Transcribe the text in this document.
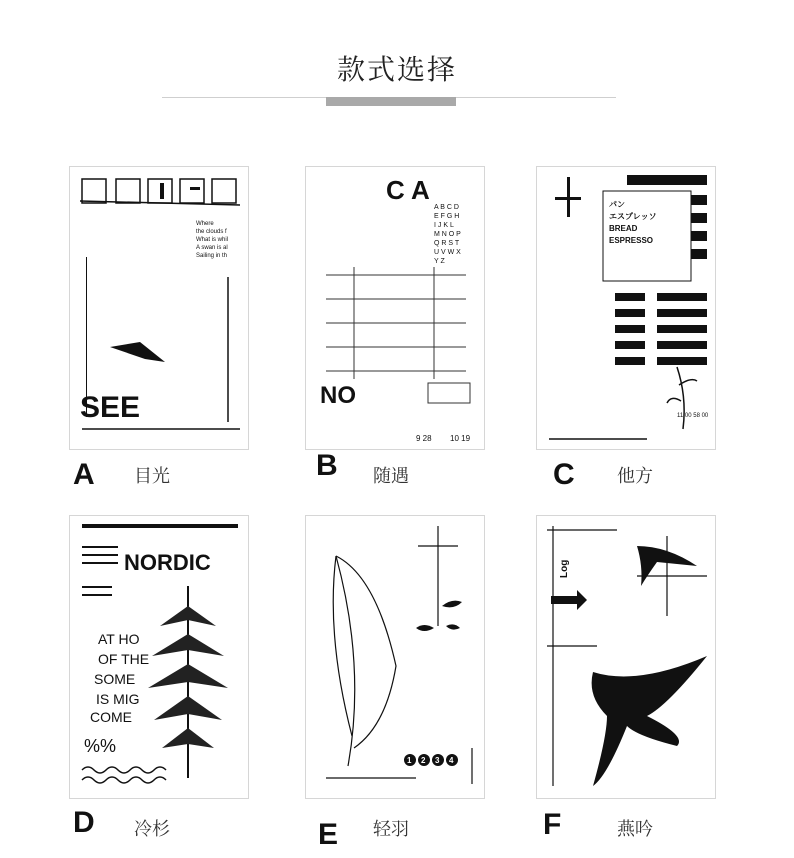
款式选择
Where
the clouds f
What is whil
A swan is al
Sailing in th
SEE
A 目光
C A
A B C D
E F G H
I J K L
M N O P
Q R S T
U V W X
Y Z
NO
9 28 10 19
B 随遇
パン
エスプレッソ
BREAD
ESPRESSO
11 00 58 00
C 他方
NORDIC
AT HO
OF THE
SOME
IS MIG
COME
%%
D 冷杉
1 2 3 4
E 轻羽
Log
F	燕吟
